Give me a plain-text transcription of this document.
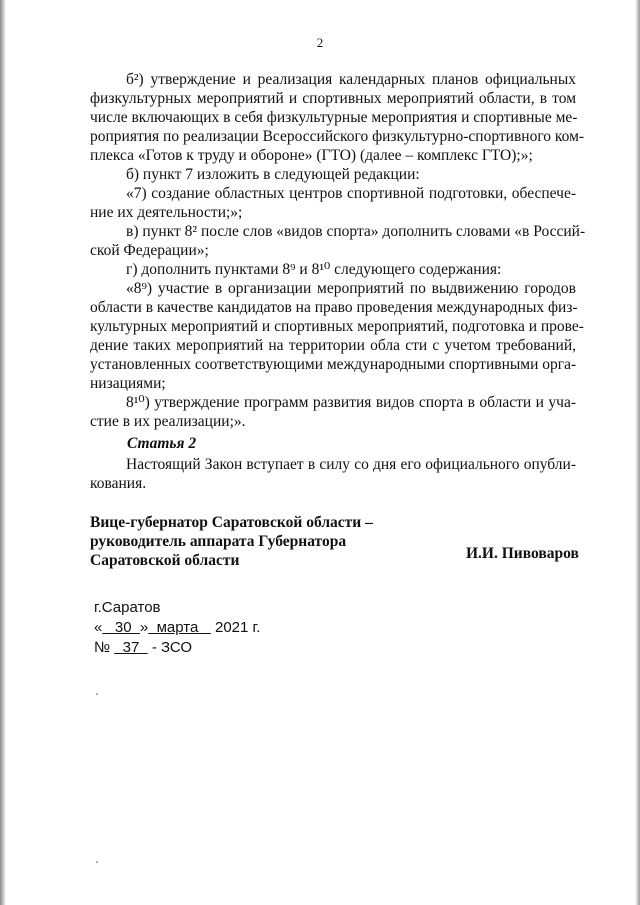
2
б²) утверждение и реализация календарных планов официальных
физкультурных мероприятий и спортивных мероприятий области, в том
числе включающих в себя физкультурные мероприятия и спортивные ме-
роприятия по реализации Всероссийского физкультурно-спортивного ком-
плекса «Готов к труду и обороне» (ГТО) (далее – комплекс ГТО);»;
б) пункт 7 изложить в следующей редакции:
«7) создание областных центров спортивной подготовки, обеспече-
ние их деятельности;»;
в) пункт 8² после слов «видов спорта» дополнить словами «в Россий-
ской Федерации»;
г) дополнить пунктами 8⁹ и 8¹⁰ следующего содержания:
«8⁹) участие в организации мероприятий по выдвижению городов
области в качестве кандидатов на право проведения международных физ-
культурных мероприятий и спортивных мероприятий, подготовка и прове-
дение таких мероприятий на территории обла сти с учетом требований,
установленных соответствующими международными спортивными орга-
низациями;
8¹⁰) утверждение программ развития видов спорта в области и уча-
стие в их реализации;».
Статья 2
Настоящий Закон вступает в силу со дня его официального опубли-
кования.
Вице-губернатор Саратовской области –
руководитель аппарата Губернатора
Саратовской области	И.И. Пивоваров
г.Саратов
« 30 » марта 2021 г.
№ 37 - ЗСО
